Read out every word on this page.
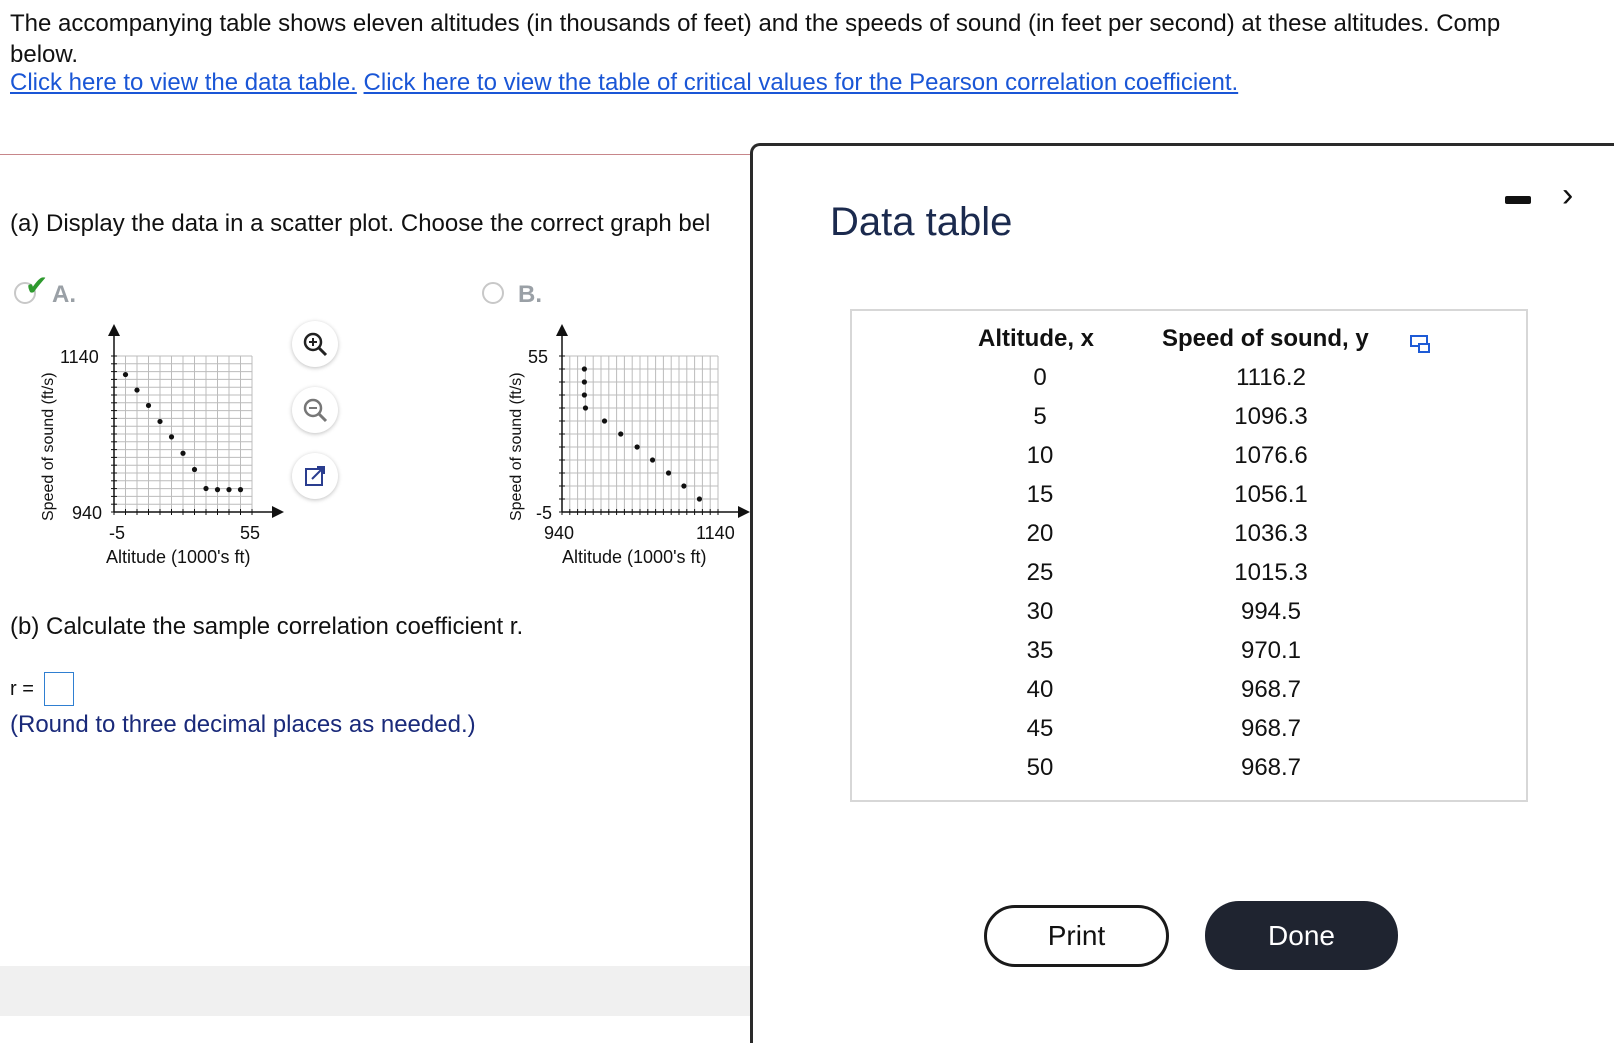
The accompanying table shows eleven altitudes (in thousands of feet) and the speeds of sound (in feet per second) at these altitudes. Comp
below.
Click here to view the data table. Click here to view the table of critical values for the Pearson correlation coefficient.
(a) Display the data in a scatter plot. Choose the correct graph bel
✔ A.	B.
1140
940
-5	55
Altitude (1000's ft)
Speed of sound (ft/s)
55
-5
940	1140
Altitude (1000's ft)
Speed of sound (ft/s)
(b) Calculate the sample correlation coefficient r.
r =
(Round to three decimal places as needed.)
Data table
›
Altitude, x	Speed of sound, y
0	1116.2
5	1096.3
10	1076.6
15	1056.1
20	1036.3
25	1015.3
30	994.5
35	970.1
40	968.7
45	968.7
50	968.7
Print	Done
